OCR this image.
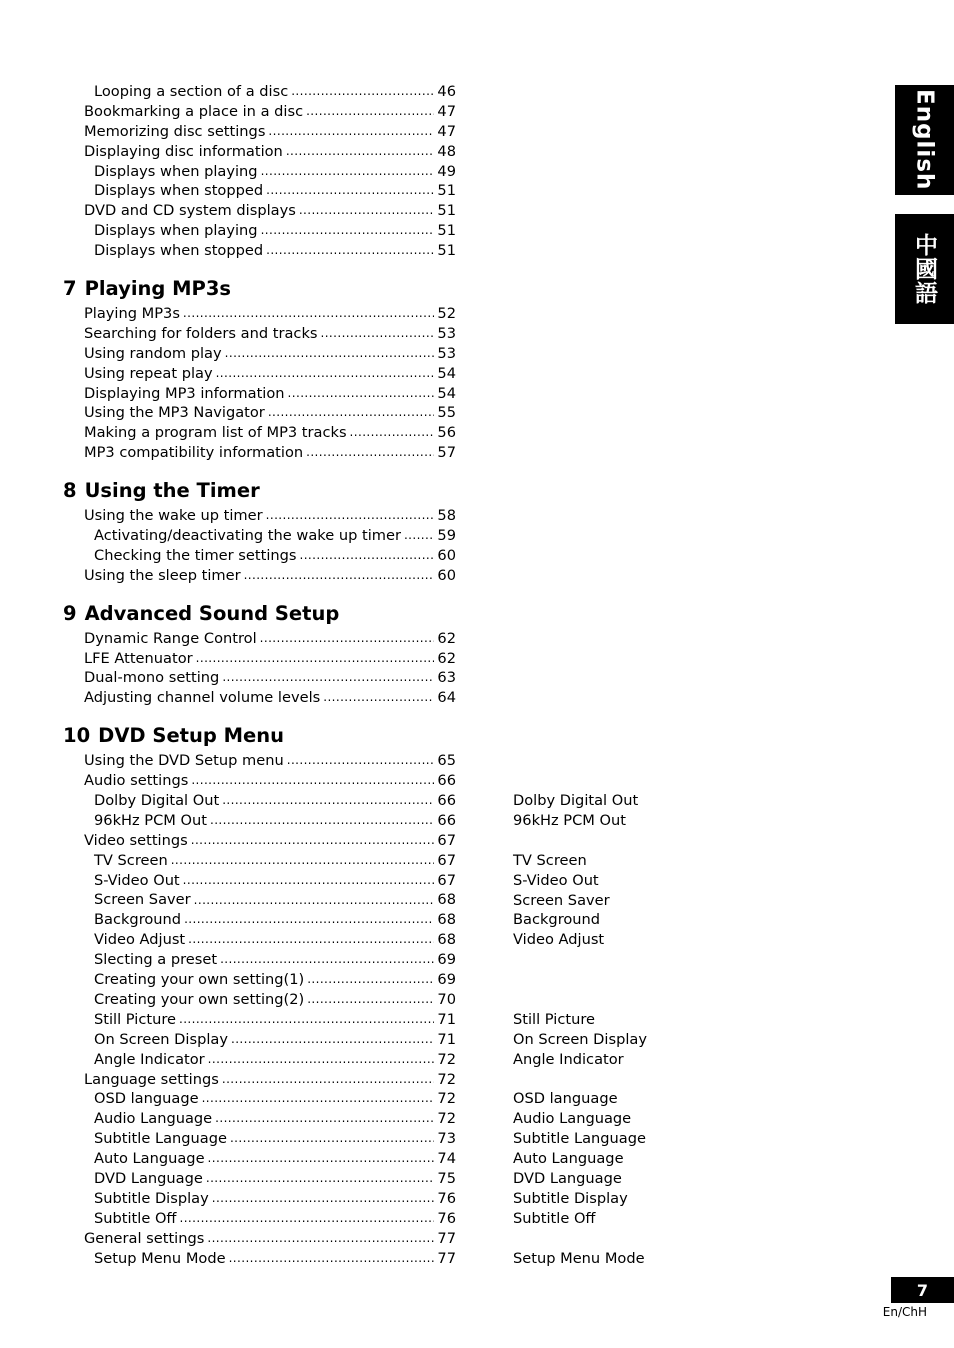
Looping a section of a disc .....	46
Bookmarking a place in a disc .....	47
Memorizing disc settings .....	47
Displaying disc information .....	48
Displays when playing .....	49
Displays when stopped .....	51
DVD and CD system displays .....	51
Displays when playing .....	51
Displays when stopped .....	51
7 Playing MP3s
Playing MP3s .....	52
Searching for folders and tracks .....	53
Using random play .....	53
Using repeat play .....	54
Displaying MP3 information .....	54
Using the MP3 Navigator .....	55
Making a program list of MP3 tracks .....	56
MP3 compatibility information .....	57
8 Using the Timer
Using the wake up timer .....	58
Activating/deactivating the wake up timer ..... 59
Checking the timer settings .....	60
Using the sleep timer .....	60
9 Advanced Sound Setup
Dynamic Range Control .....	62
LFE Attenuator .....	62
Dual-mono setting .....	63
Adjusting channel volume levels .....	64
10 DVD Setup Menu
Using the DVD Setup menu .....	65
Audio settings .....	66
Dolby Digital Out .....	66
96kHz PCM Out .....	66
Video settings .....	67
TV Screen .....	67
S-Video Out .....	67
Screen Saver .....	68
Background .....	68
Video Adjust .....	68
Slecting a preset .....	69
Creating your own setting(1) .....	69
Creating your own setting(2) .....	70
Still Picture .....	71
On Screen Display .....	71
Angle Indicator .....	72
Language settings .....	72
OSD language .....	72
Audio Language .....	72
Subtitle Language .....	73
Auto Language .....	74
DVD Language .....	75
Subtitle Display .....	76
Subtitle Off .....	76
General settings .....	77
Setup Menu Mode .....	77
Dolby Digital Out
96kHz PCM Out
TV Screen
S-Video Out
Screen Saver
Background
Video Adjust
Still Picture
On Screen Display
Angle Indicator
OSD language
Audio Language
Subtitle Language
Auto Language
DVD Language
Subtitle Display
Subtitle Off
Setup Menu Mode
English
中國語
7
En/ChH
